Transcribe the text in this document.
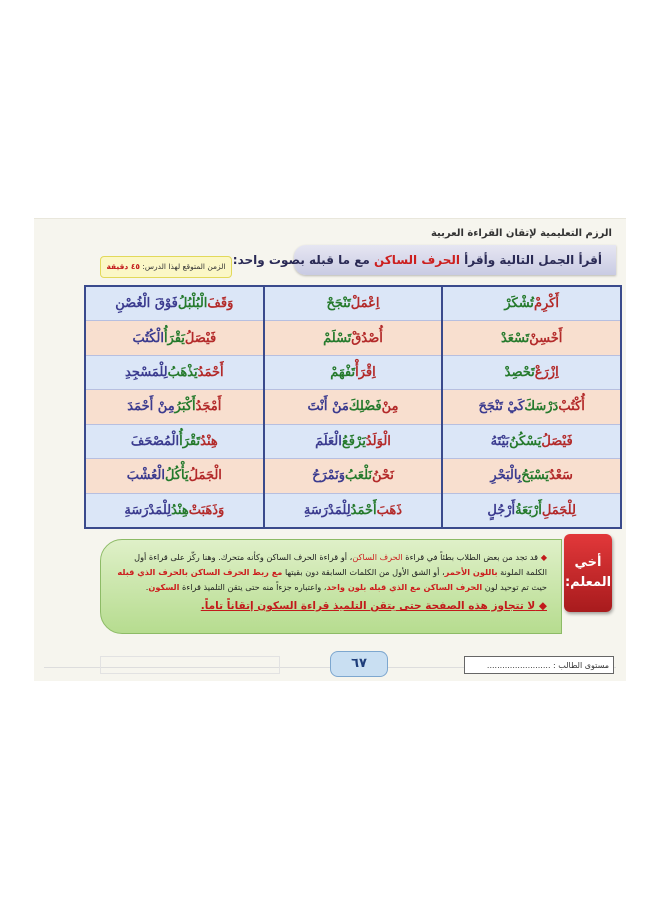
الرزم التعليمية لإتقان القراءة العربية
أقرأ الجمل التالية وأقرأ الحرف الساكن مع ما قبله بصوت واحد:
الزمن المتوقع لهذا الدرس: ٤٥ دقيقة
وَقَفَ
الْبُلْبُلُ
فَوْقَ الْغُصْنِ
فَيْصَلُ
يَقْرَأُ
الْكُتُبَ
أَحْمَدُ
يَذْهَبُ
لِلْمَسْجِدِ
أَمْجَدُ
أَكْبَرُ
مِنْ أَحْمَدَ
هِنْدُ
تَقْرَأُ
الْمُصْحَفَ
الْجَمَلُ
يَأْكُلُ
الْعُشْبَ
وَذَهَبَتْ
هِنْدُ
لِلْمَدْرَسَةِ
اِعْمَلْ
تَنْجَحْ
أُصْدُقْ
تَسْلَمْ
اِقْرَأْ
تَفْهَمْ
مِنْ
فَضْلِكَ
مَنْ أَنْتَ
الْوَلَدُ
يَرْفَعُ
الْعَلَمَ
نَحْنُ
نَلْعَبُ
وَنَمْرَحُ
ذَهَبَ
أَحْمَدُ
لِلْمَدْرَسَةِ
أَكْرِمْ
تُشْكَرْ
أَحْسِنْ
تَسْعَدْ
اِزْرَعْ
تَحْصِدْ
أُكْتُبْ
دَرْسَكَ
كَيْ تَنْجَحَ
فَيْصَلُ
يَسْكُنُ
بَيْتَهُ
سَعْدٌ
يَسْبَحُ
بِالْبَحْرِ
لِلْجَمَلِ
أَرْبَعَةُ
أَرْجُلٍ
◆ قد تجد من بعض الطلاب بطئاً في قراءة الحرف الساكن، أو قراءة الحرف الساكن وكأنه متحرك. وهنا ركّز على قراءة أول الكلمة الملونة باللون الأحمر، أو الشق الأول من الكلمات السابقة دون بقيتها مع ربط الحرف الساكن بالحرف الذي قبله حيث تم توحيد لون الحرف الساكن مع الذي قبله بلون واحد، واعتباره جزءاً منه حتى يتقن التلميذ قراءة السكون.
◆ لا تتجاوز هذه الصفحة حتى يتقن التلميذ قراءة السكون إتقاناً تاماً.
أخي
المعلم:
٦٧	مستوى الطالب : .........................
